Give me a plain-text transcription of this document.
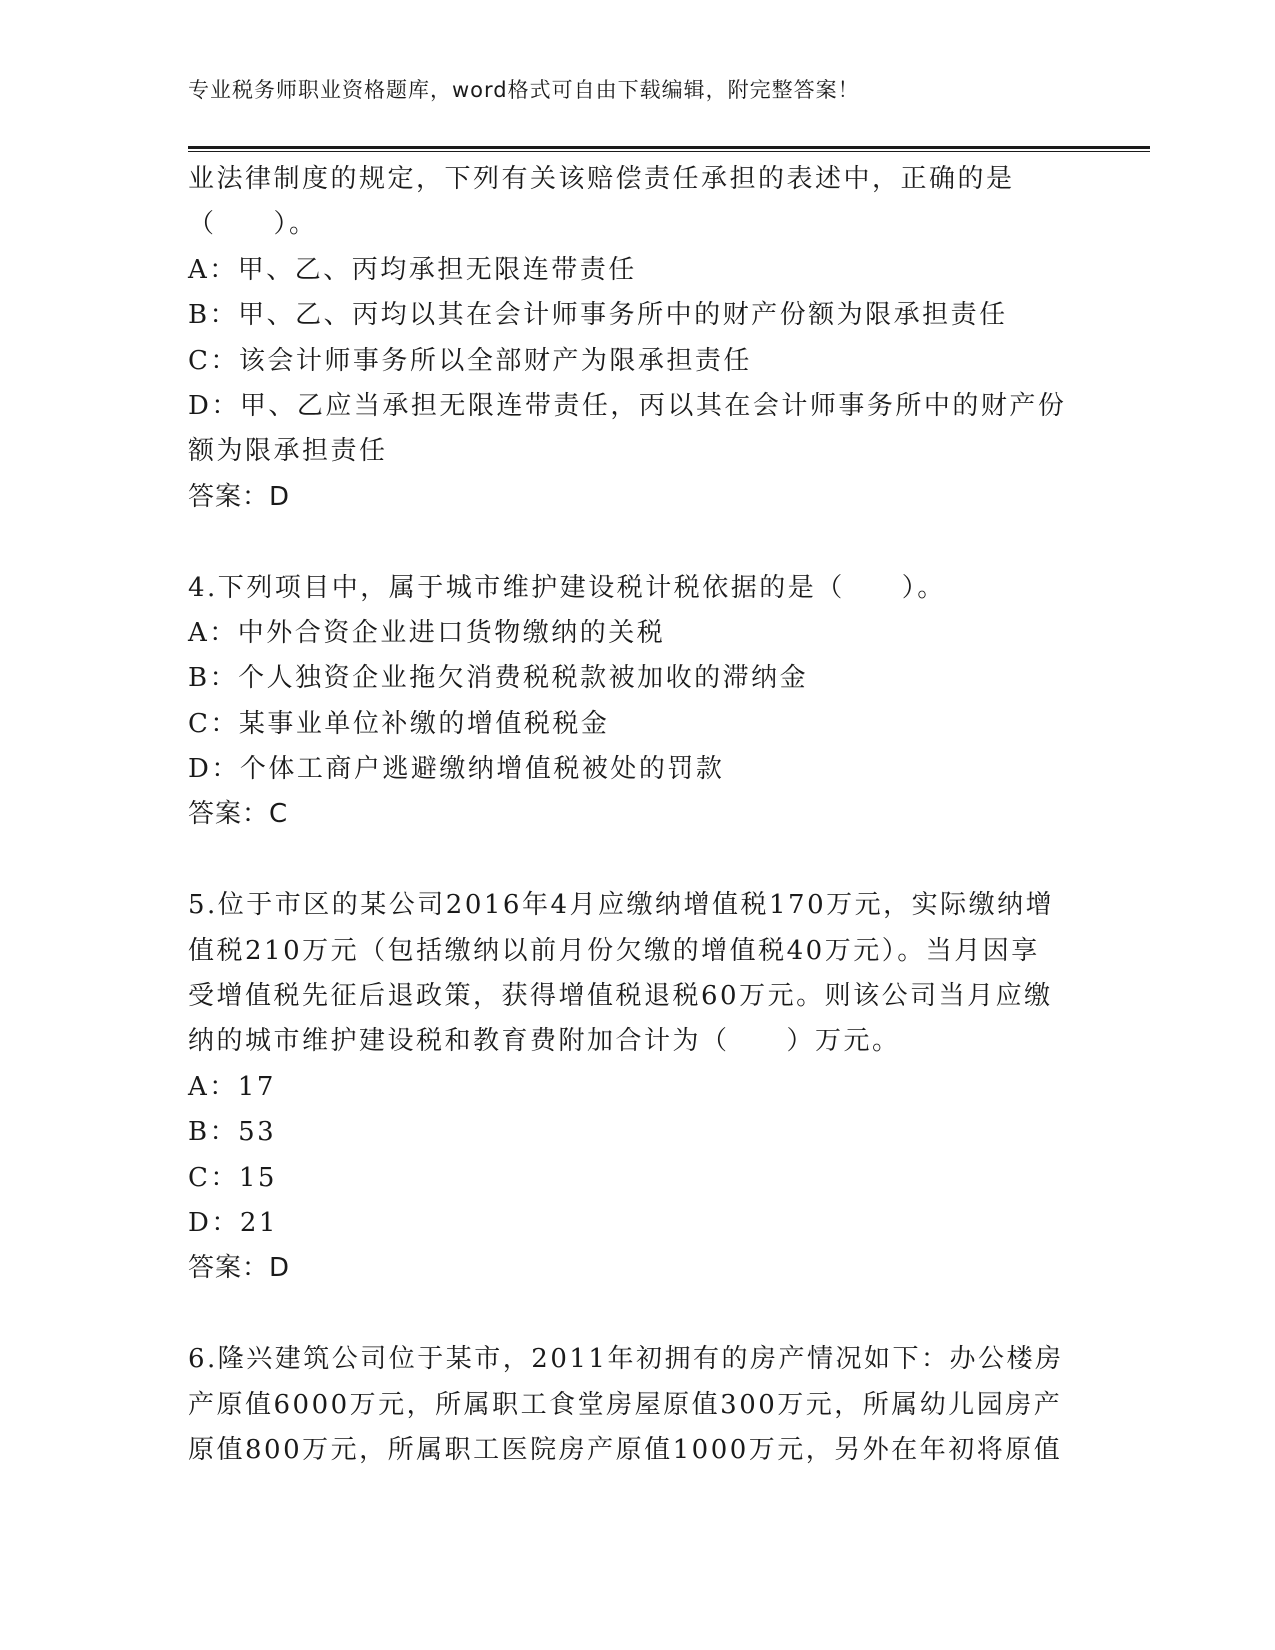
专业税务师职业资格题库，word格式可自由下载编辑，附完整答案！
业法律制度的规定，下列有关该赔偿责任承担的表述中，正确的是
（　　）。
A：甲、乙、丙均承担无限连带责任
B：甲、乙、丙均以其在会计师事务所中的财产份额为限承担责任
C：该会计师事务所以全部财产为限承担责任
D：甲、乙应当承担无限连带责任，丙以其在会计师事务所中的财产份
额为限承担责任
答案：D
4.下列项目中，属于城市维护建设税计税依据的是（　　）。
A：中外合资企业进口货物缴纳的关税
B：个人独资企业拖欠消费税税款被加收的滞纳金
C：某事业单位补缴的增值税税金
D：个体工商户逃避缴纳增值税被处的罚款
答案：C
5.位于市区的某公司2016年4月应缴纳增值税170万元，实际缴纳增
值税210万元（包括缴纳以前月份欠缴的增值税40万元）。当月因享
受增值税先征后退政策，获得增值税退税60万元。则该公司当月应缴
纳的城市维护建设税和教育费附加合计为（　　）万元。
A：17
B：53
C：15
D：21
答案：D
6.隆兴建筑公司位于某市，2011年初拥有的房产情况如下：办公楼房
产原值6000万元，所属职工食堂房屋原值300万元，所属幼儿园房产
原值800万元，所属职工医院房产原值1000万元，另外在年初将原值
